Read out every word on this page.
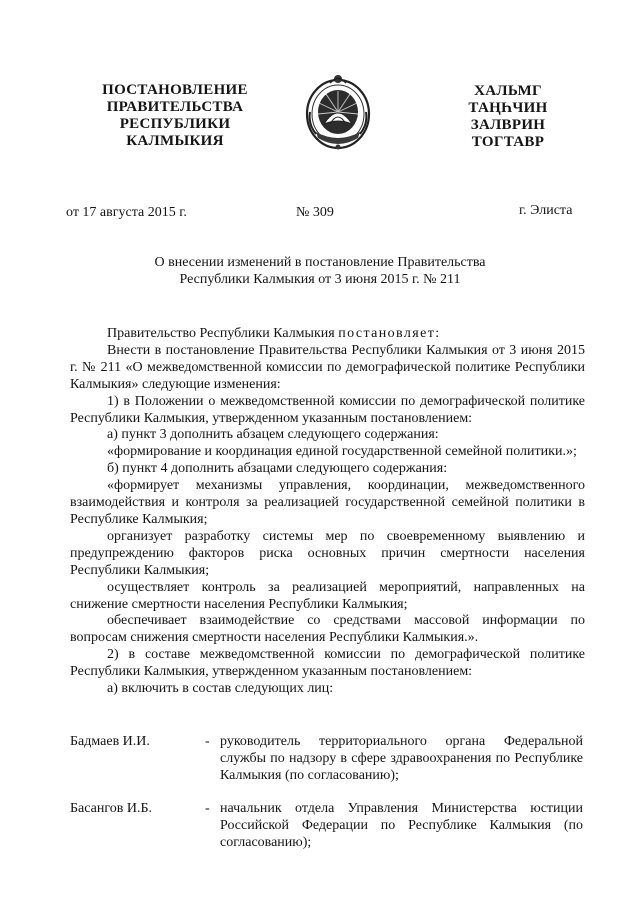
ПОСТАНОВЛЕНИЕ
ПРАВИТЕЛЬСТВА
РЕСПУБЛИКИ
КАЛМЫКИЯ
ХАЛЬМГ
ТАҢҺЧИН
ЗАЛВРИН
ТОГТАВР
от 17 августа 2015 г.	№ 309	г. Элиста
О внесении изменений в постановление Правительства
Республики Калмыкия от 3 июня 2015 г. № 211

Правительство Республики Калмыкия постановляет:

Внести в постановление Правительства Республики Калмыкия от 3 июня 2015 г. № 211 «О межведомственной комиссии по демографической политике Республики Калмыкия» следующие изменения:

1) в Положении о межведомственной комиссии по демографической политике Республики Калмыкия, утвержденном указанным постановлением:

а) пункт 3 дополнить абзацем следующего содержания:

«формирование и координация единой государственной семейной политики.»;

б) пункт 4 дополнить абзацами следующего содержания:

«формирует механизмы управления, координации, межведомственного взаимодействия и контроля за реализацией государственной семейной политики в Республике Калмыкия;

организует разработку системы мер по своевременному выявлению и предупреждению факторов риска основных причин смертности населения Республики Калмыкия;

осуществляет контроль за реализацией мероприятий, направленных на снижение смертности населения Республики Калмыкия;

обеспечивает взаимодействие со средствами массовой информации по вопросам снижения смертности населения Республики Калмыкия.».

2) в составе межведомственной комиссии по демографической политике Республики Калмыкия, утвержденном указанным постановлением:

а) включить в состав следующих лиц:

Бадмаев И.И.	- руководитель территориального органа Федеральной службы по надзору в сфере здравоохранения по Республике Калмыкия (по согласованию);
Басангов И.Б.	- начальник отдела Управления Министерства юстиции Российской Федерации по Республике Калмыкия (по согласованию);
